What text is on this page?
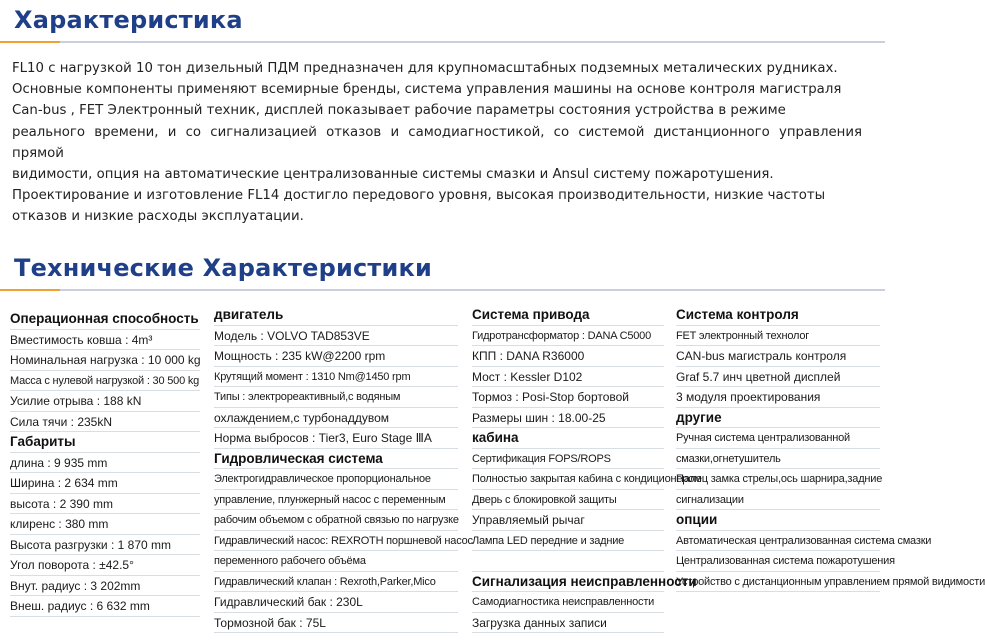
Характеристика
FL10 с нагрузкой 10 тон дизельный ПДМ предназначен для крупномасштабных подземных металических рудниках.
Основные компоненты применяют всемирные бренды, система управления машины на основе контроля магистраля
Can-bus , FET Электронный техник, дисплей показывает рабочие параметры состояния устройства в режиме
реального времени, и со сигнализацией отказов и самодиагностикой, со системой дистанционного управления прямой
видимости, опция на автоматические централизованные системы смазки и Ansul систему пожаротушения.
Проектирование и изготовление FL14 достигло передового уровня, высокая производительности, низкие частоты
отказов и низкие расходы эксплуатации.
Технические Характеристики
Операционная способность
Вместимость ковша : 4m³
Номинальная нагрузка : 10 000 kg
Масса с нулевой нагрузкой : 30 500 kg
Усилие отрыва : 188 kN
Сила тячи : 235kN
Габариты
длина : 9 935 mm
Ширина : 2 634 mm
высота : 2 390 mm
клиренс : 380 mm
Высота разгрузки : 1 870 mm
Угол поворота : ±42.5°
Внут. радиус : 3 202mm
Внеш. радиус : 6 632 mm
двигатель
Модель : VOLVO TAD853VE
Мощность : 235 kW@2200 rpm
Крутящий момент : 1310 Nm@1450 rpm
Типы : электрореактивный,с водяным
охлаждением,с турбонаддувом
Норма выбросов : Tier3, Euro Stage ⅢA
Гидровлическая система
Электрогидравлическое пропорциональное
управление, плунжерный насос с переменным
рабочим объемом с обратной связью по нагрузке
Гидравлический насос: REXROTH поршневой насос
переменного рабочего объёма
Гидравлический клапан : Rexroth,Parker,Mico
Гидравлический бак : 230L
Тормозной бак : 75L
Система привода
Гидротрансформатор : DANA C5000
КПП : DANA R36000
Мост : Kessler D102
Тормоз : Posi-Stop бортовой
Размеры шин : 18.00-25
кабина
Сертификация FOPS/ROPS
Полностью закрытая кабина с кондиционером
Дверь с блокировкой защиты
Управляемый рычаг
Лампа LED передние и задние
Сигнализация неисправленности
Самодиагностика неисправленности
Загрузка данных записи
Система контроля
FET электронный технолог
CAN-bus магистраль контроля
Graf 5.7 инч цветной дисплей
3 модуля проектирования
другие
Ручная система централизованной
смазки,огнетушитель
Палец замка стрелы,ось шарнира,задние
сигнализации
опции
Автоматическая централизованная система смазки
Централизованная система пожаротушения
Устройство с дистанционным управлением прямой видимости
